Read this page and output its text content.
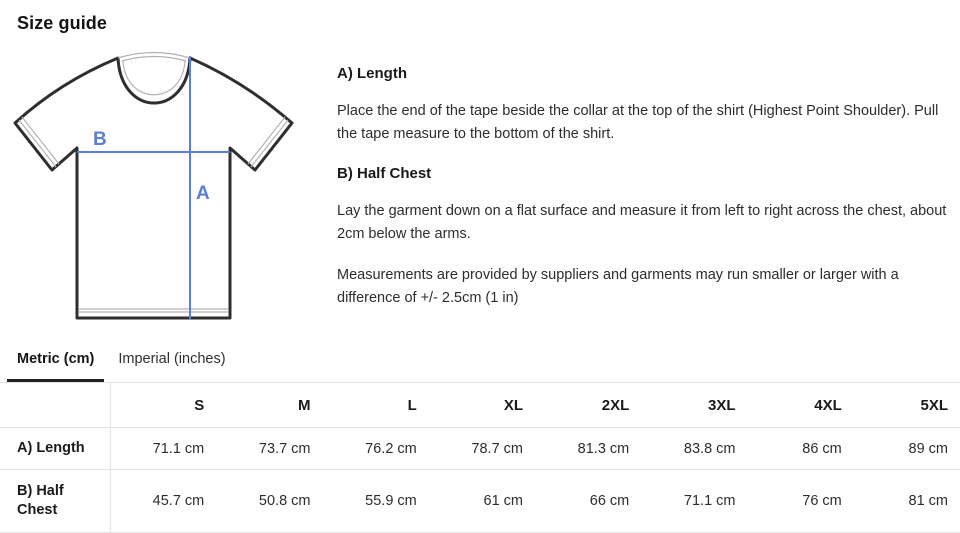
Size guide
B
A
A) Length
Place the end of the tape beside the collar at the top of the shirt (Highest Point Shoulder). Pull the tape measure to the bottom of the shirt.
B) Half Chest
Lay the garment down on a flat surface and measure it from left to right across the chest, about 2cm below the arms.
Measurements are provided by suppliers and garments may run smaller or larger with a difference of +/- 2.5cm (1 in)
Metric (cm)	Imperial (inches)
	S	M	L	XL	2XL	3XL	4XL	5XL
A) Length	71.1 cm	73.7 cm	76.2 cm	78.7 cm	81.3 cm	83.8 cm	86 cm	89 cm
B) Half Chest	45.7 cm	50.8 cm	55.9 cm	61 cm	66 cm	71.1 cm	76 cm	81 cm
